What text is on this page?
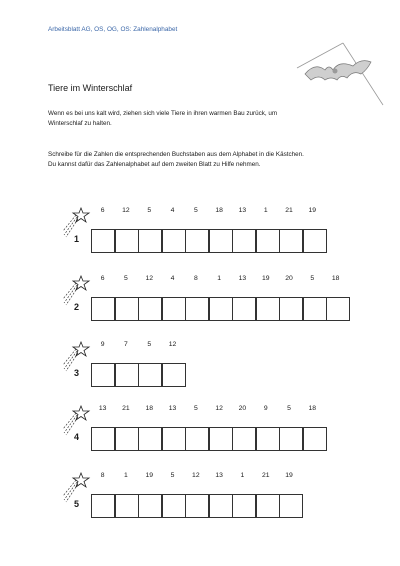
Arbeitsblatt AG, OS, OG, OS: Zahlenalphabet
Tiere im Winterschlaf
Wenn es bei uns kalt wird, ziehen sich viele Tiere in ihren warmen Bau zurück, um
Winterschlaf zu halten.
Schreibe für die Zahlen die entsprechenden Buchstaben aus dem Alphabet in die Kästchen.
Du kannst dafür das Zahlenalphabet auf dem zweiten Blatt zu Hilfe nehmen.
6	12	5	4	5	18	13	1	21	19
1
6	5	12	4	8	1	13	19	20	5	18
2
9	7	5	12
3
13	21	18	13	5	12	20	9	5	18
4
8	1	19	5	12	13	1	21	19
5
